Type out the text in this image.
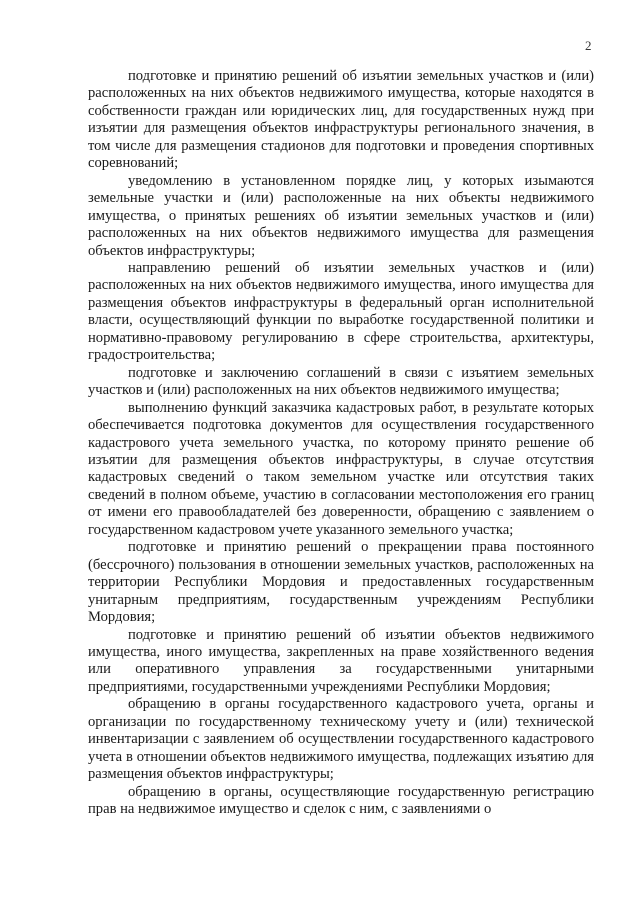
2

подготовке и принятию решений об изъятии земельных участков и (или) расположенных на них объектов недвижимого имущества, которые находятся в собственности граждан или юридических лиц, для государственных нужд при изъятии для размещения объектов инфраструктуры регионального значения, в том числе для размещения стадионов для подготовки и проведения спортивных соревнований;

уведомлению в установленном порядке лиц, у которых изымаются земельные участки и (или) расположенные на них объекты недвижимого имущества, о принятых решениях об изъятии земельных участков и (или) расположенных на них объектов недвижимого имущества для размещения объектов инфраструктуры;

направлению решений об изъятии земельных участков и (или) расположенных на них объектов недвижимого имущества, иного имущества для размещения объектов инфраструктуры в федеральный орган исполнительной власти, осуществляющий функции по выработке государственной политики и нормативно-правовому регулированию в сфере строительства, архитектуры, градостроительства;

подготовке и заключению соглашений в связи с изъятием земельных участков и (или) расположенных на них объектов недвижимого имущества;

выполнению функций заказчика кадастровых работ, в результате которых обеспечивается подготовка документов для осуществления государственного кадастрового учета земельного участка, по которому принято решение об изъятии для размещения объектов инфраструктуры, в случае отсутствия кадастровых сведений о таком земельном участке или отсутствия таких сведений в полном объеме, участию в согласовании местоположения его границ от имени его правообладателей без доверенности, обращению с заявлением о государственном кадастровом учете указанного земельного участка;

подготовке и принятию решений о прекращении права постоянного (бессрочного) пользования в отношении земельных участков, расположенных на территории Республики Мордовия и предоставленных государственным унитарным предприятиям, государственным учреждениям Республики Мордовия;

подготовке и принятию решений об изъятии объектов недвижимого имущества, иного имущества, закрепленных на праве хозяйственного ведения или оперативного управления за государственными унитарными предприятиями, государственными учреждениями Республики Мордовия;

обращению в органы государственного кадастрового учета, органы и организации по государственному техническому учету и (или) технической инвентаризации с заявлением об осуществлении государственного кадастрового учета в отношении объектов недвижимого имущества, подлежащих изъятию для размещения объектов инфраструктуры;

обращению в органы, осуществляющие государственную регистрацию прав на недвижимое имущество и сделок с ним, с заявлениями о
